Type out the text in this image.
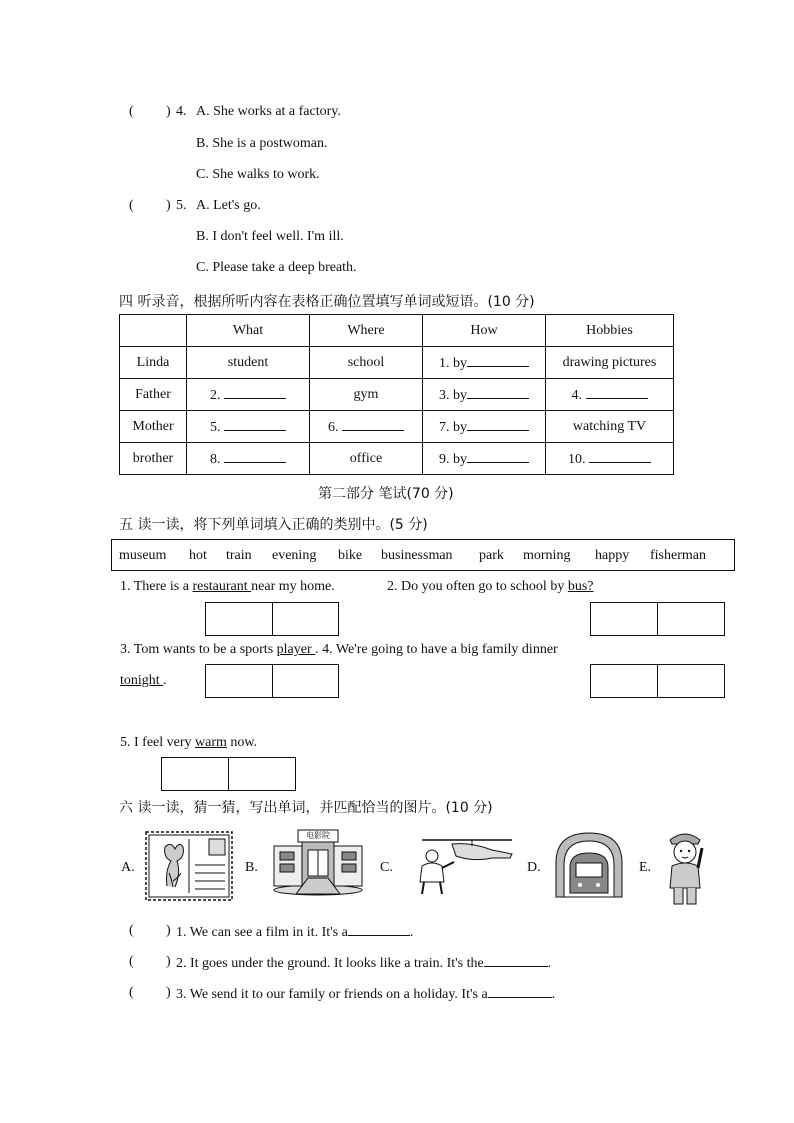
( ) 4. A. She works at a factory.
B. She is a postwoman.
C. She walks to work.
( ) 5. A. Let's go.
B. I don't feel well. I'm ill.
C. Please take a deep breath.
四 听录音，根据所听内容在表格正确位置填写单词或短语。(10 分)
	What	Where	How	Hobbies
Linda	student	school	1. by	drawing pictures
Father	2.	gym	3. by	4.
Mother	5.	6.	7. by	watching TV
brother	8.	office	9. by	10.
第二部分 笔试(70 分)
五 读一读，将下列单词填入正确的类别中。(5 分)
museum hot train evening bike businessman park morning happy fisherman
1. There is a restaurant near my home.	2. Do you often go to school by bus?
3. Tom wants to be a sports player . 4. We're going to have a big family dinner
tonight .
5. I feel very warm now.
六 读一读，猜一猜，写出单词，并匹配恰当的图片。(10 分)
A.	B.
电影院
C.	D.	E.
( ) 1. We can see a film in it. It's a	.
( ) 2. It goes under the ground. It looks like a train. It's the	.
( ) 3. We send it to our family or friends on a holiday. It's a	.
